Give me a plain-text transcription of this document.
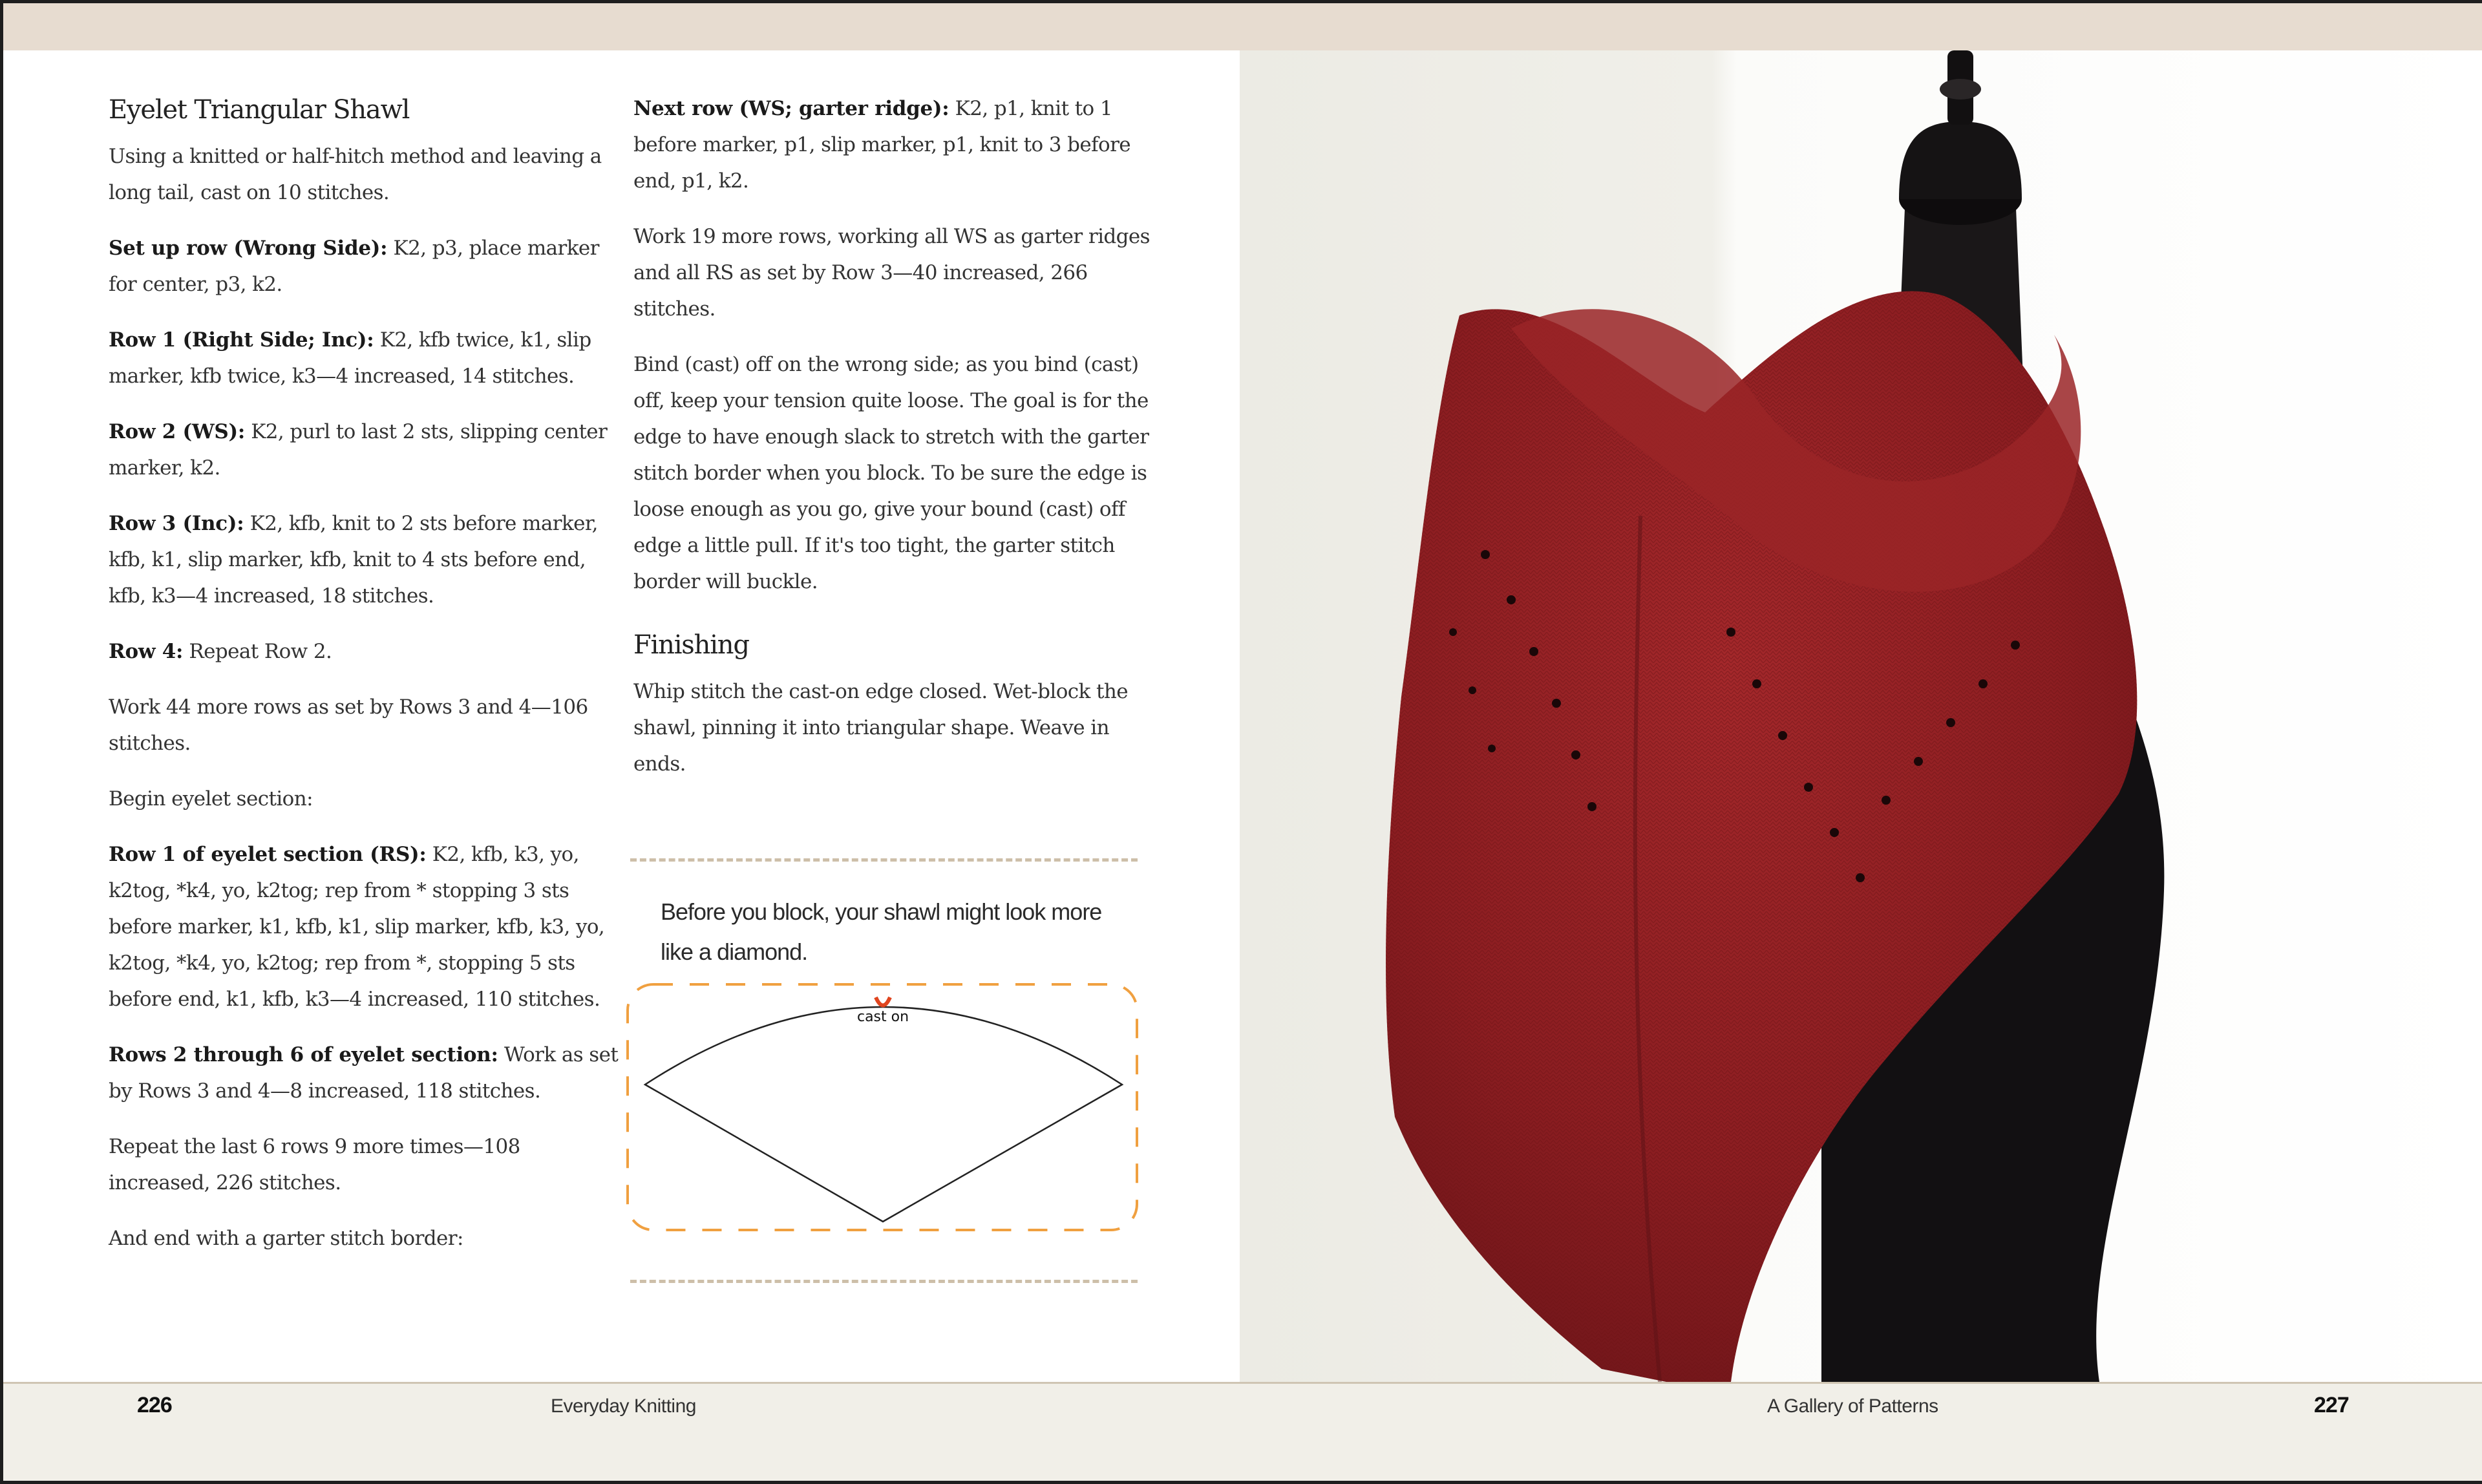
Eyelet Triangular Shawl

Using a knitted or half-hitch method and leaving a long tail, cast on 10 stitches.

Set up row (Wrong Side): K2, p3, place marker for center, p3, k2.

Row 1 (Right Side; Inc): K2, kfb twice, k1, slip marker, kfb twice, k3—4 increased, 14 stitches.

Row 2 (WS): K2, purl to last 2 sts, slipping center marker, k2.

Row 3 (Inc): K2, kfb, knit to 2 sts before marker, kfb, k1, slip marker, kfb, knit to 4 sts before end, kfb, k3—4 increased, 18 stitches.

Row 4: Repeat Row 2.

Work 44 more rows as set by Rows 3 and 4—106 stitches.

Begin eyelet section:

Row 1 of eyelet section (RS): K2, kfb, k3, yo, k2tog, *k4, yo, k2tog; rep from * stopping 3 sts before marker, k1, kfb, k1, slip marker, kfb, k3, yo, k2tog, *k4, yo, k2tog; rep from *, stopping 5 sts before end, k1, kfb, k3—4 increased, 110 stitches.

Rows 2 through 6 of eyelet section: Work as set by Rows 3 and 4—8 increased, 118 stitches.

Repeat the last 6 rows 9 more times—108 increased, 226 stitches.

And end with a garter stitch border:

Next row (WS; garter ridge): K2, p1, knit to 1 before marker, p1, slip marker, p1, knit to 3 before end, p1, k2.

Work 19 more rows, working all WS as garter ridges and all RS as set by Row 3—40 increased, 266 stitches.

Bind (cast) off on the wrong side; as you bind (cast) off, keep your tension quite loose. The goal is for the edge to have enough slack to stretch with the garter stitch border when you block. To be sure the edge is loose enough as you go, give your bound (cast) off edge a little pull. If it's too tight, the garter stitch border will buckle.

Finishing

Whip stitch the cast-on edge closed. Wet-block the shawl, pinning it into triangular shape. Weave in ends.

Before you block, your shawl might look more like a diamond.
cast on
226	Everyday Knitting	A Gallery of Patterns	227
